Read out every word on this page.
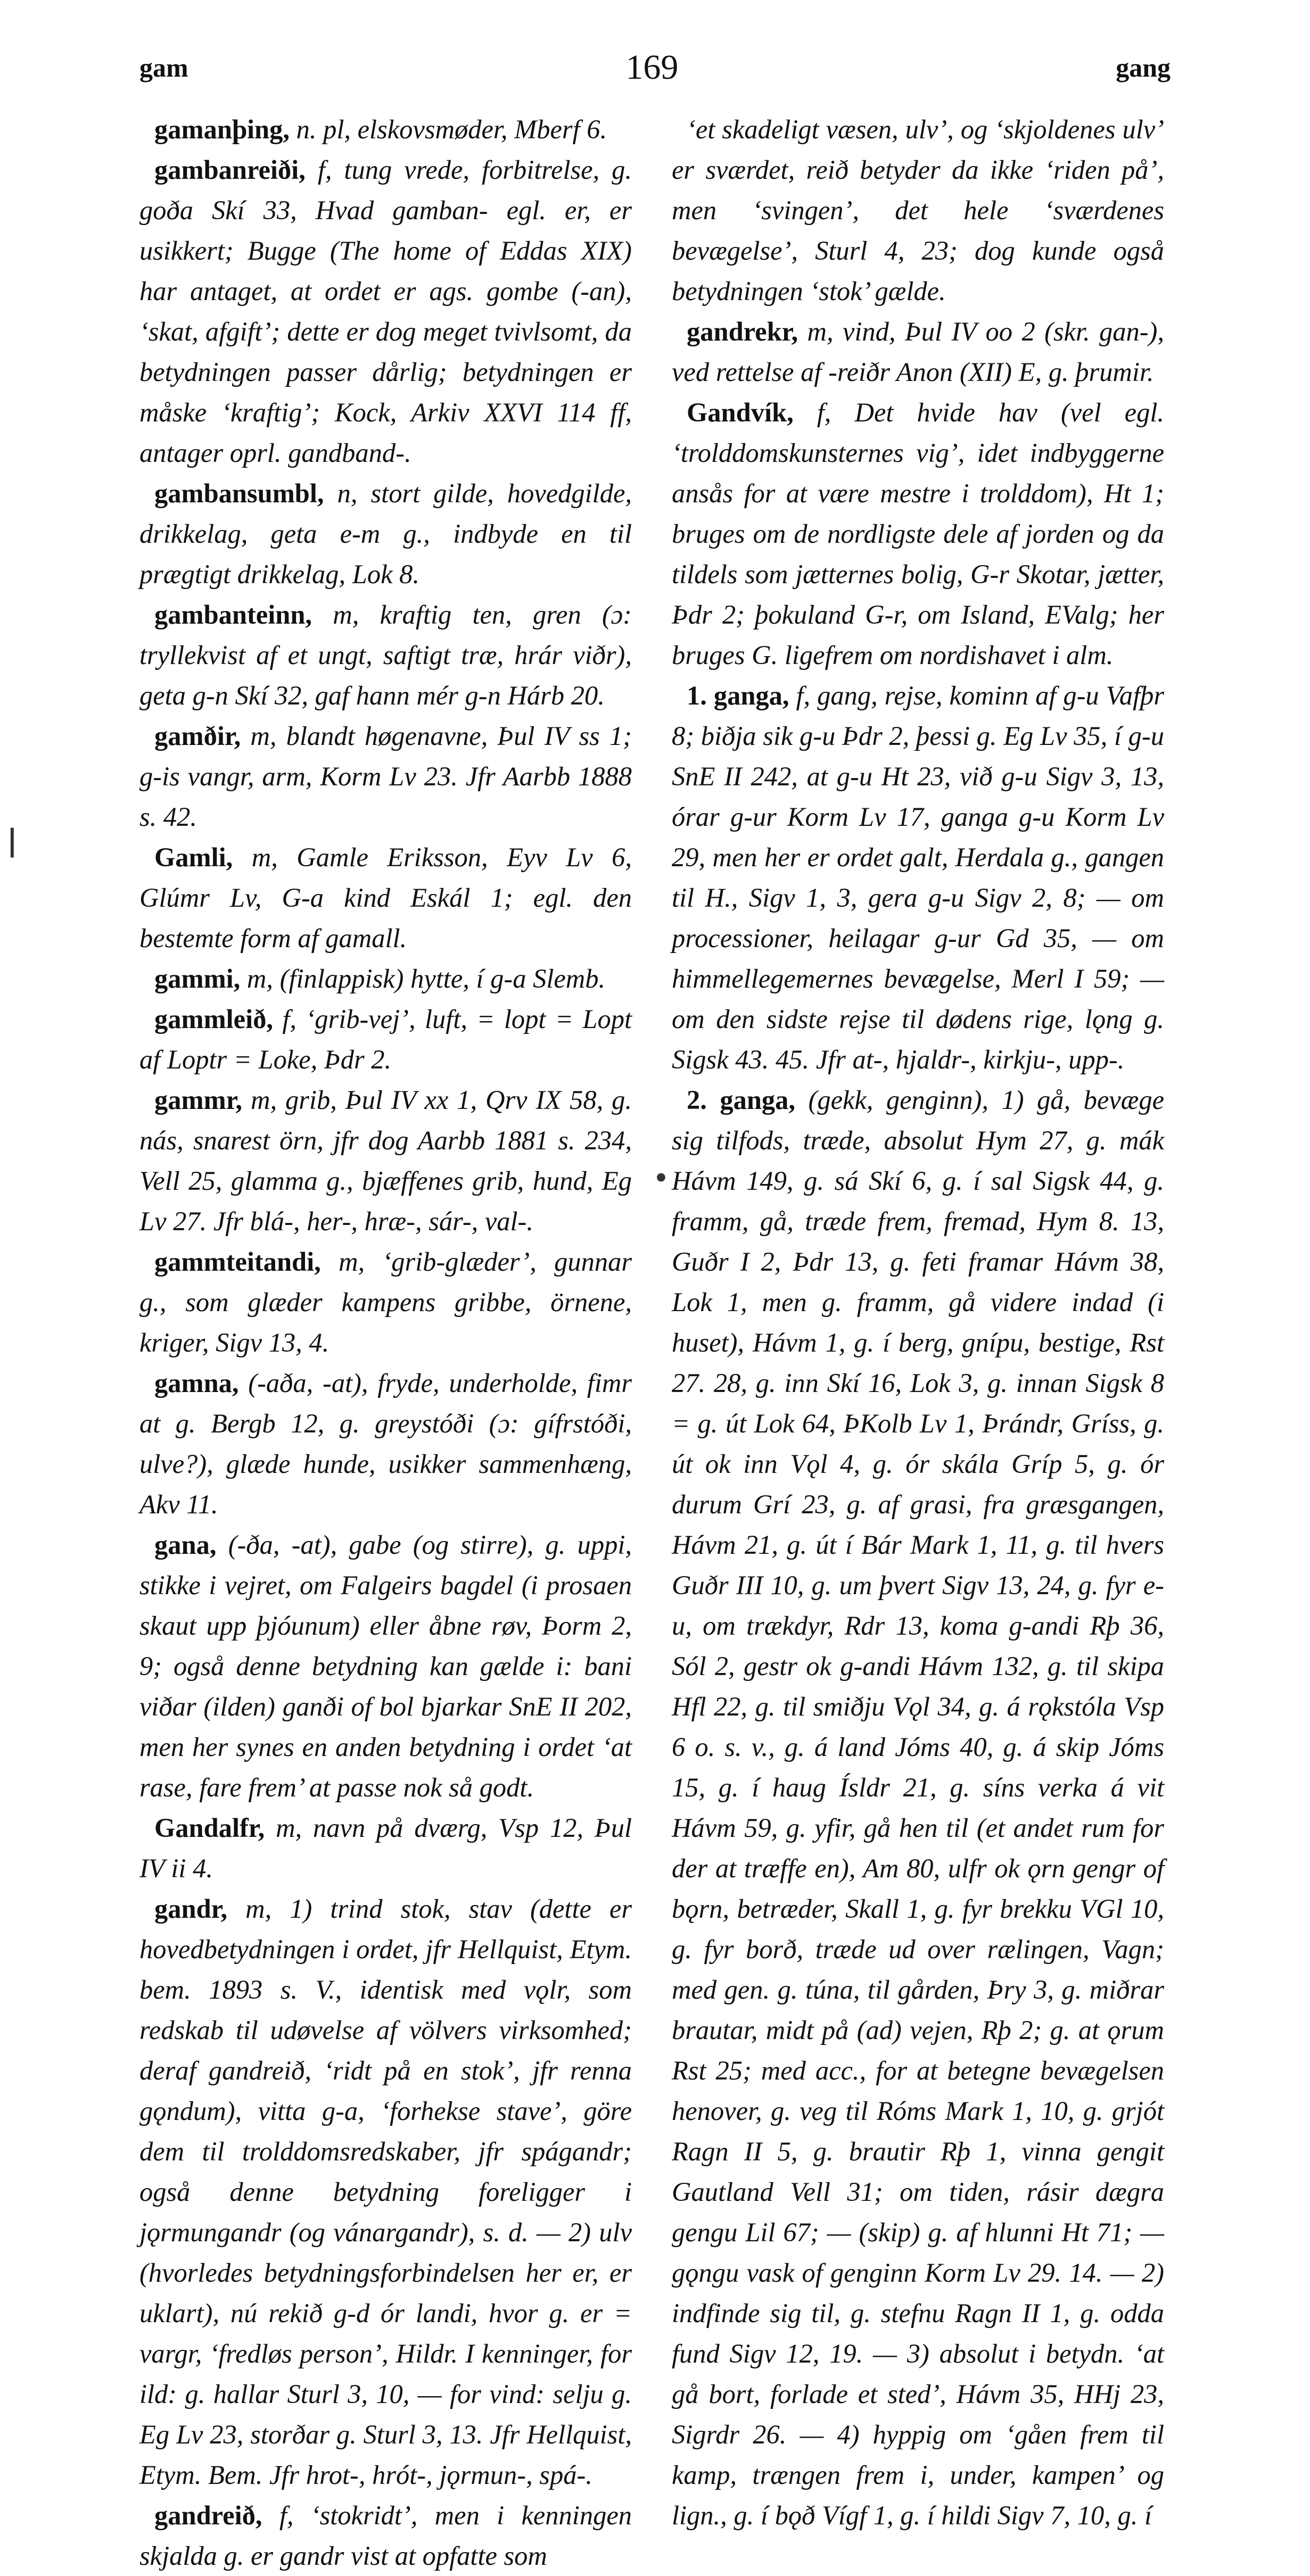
gam	169	gang
•
ǀ

gamanþing, n. pl, elskovsmøder, Mberf 6.

gambanreiði, f, tung vrede, forbitrelse, g. goða Skí 33, Hvad gamban- egl. er, er usikkert; Bugge (The home of Eddas XIX) har antaget, at ordet er ags. gombe (-an), ‘skat, afgift’; dette er dog meget tvivlsomt, da betydningen passer dårlig; betydningen er måske ‘kraftig’; Kock, Arkiv XXVI 114 ff, antager oprl. gandband-.

gambansumbl, n, stort gilde, hovedgilde, drikkelag, geta e-m g., indbyde en til prægtigt drikkelag, Lok 8.

gambanteinn, m, kraftig ten, gren (ɔ: tryllekvist af et ungt, saftigt træ, hrár viðr), geta g-n Skí 32, gaf hann mér g-n Hárb 20.

gamðir, m, blandt høgenavne, Þul IV ss 1; g-is vangr, arm, Korm Lv 23. Jfr Aarbb 1888 s. 42.

Gamli, m, Gamle Eriksson, Eyv Lv 6, Glúmr Lv, G-a kind Eskál 1; egl. den bestemte form af gamall.

gammi, m, (finlappisk) hytte, í g-a Slemb.

gammleið, f, ‘grib-vej’, luft, = lopt = Lopt af Loptr = Loke, Þdr 2.

gammr, m, grib, Þul IV xx 1, Qrv IX 58, g. nás, snarest örn, jfr dog Aarbb 1881 s. 234, Vell 25, glamma g., bjæffenes grib, hund, Eg Lv 27. Jfr blá-, her-, hræ-, sár-, val-.

gammteitandi, m, ‘grib-glæder’, gunnar g., som glæder kampens gribbe, örnene, kriger, Sigv 13, 4.

gamna, (-aða, -at), fryde, underholde, fimr at g. Bergb 12, g. greystóði (ɔ: gífrstóði, ulve?), glæde hunde, usikker sammenhæng, Akv 11.

gana, (-ða, -at), gabe (og stirre), g. uppi, stikke i vejret, om Falgeirs bagdel (i prosaen skaut upp þjóunum) eller åbne røv, Þorm 2, 9; også denne betydning kan gælde i: bani viðar (ilden) ganði of bol bjarkar SnE II 202, men her synes en anden betydning i ordet ‘at rase, fare frem’ at passe nok så godt.

Gandalfr, m, navn på dværg, Vsp 12, Þul IV ii 4.

gandr, m, 1) trind stok, stav (dette er hovedbetydningen i ordet, jfr Hellquist, Etym. bem. 1893 s. V., identisk med vǫlr, som redskab til udøvelse af völvers virksomhed; deraf gandreið, ‘ridt på en stok’, jfr renna gǫndum), vitta g-a, ‘forhekse stave’, göre dem til trolddomsredskaber, jfr spágandr; også denne betydning foreligger i jǫrmungandr (og vánargandr), s. d. — 2) ulv (hvorledes betydningsforbindelsen her er, er uklart), nú rekið g-d ór landi, hvor g. er = vargr, ‘fredløs person’, Hildr. I kenninger, for ild: g. hallar Sturl 3, 10, — for vind: selju g. Eg Lv 23, storðar g. Sturl 3, 13. Jfr Hellquist, Etym. Bem. Jfr hrot-, hrót-, jǫrmun-, spá-.

gandreið, f, ‘stokridt’, men i kenningen skjalda g. er gandr vist at opfatte som

‘et skadeligt væsen, ulv’, og ‘skjoldenes ulv’ er sværdet, reið betyder da ikke ‘riden på’, men ‘svingen’, det hele ‘sværdenes bevægelse’, Sturl 4, 23; dog kunde også betydningen ‘stok’ gælde.

gandrekr, m, vind, Þul IV oo 2 (skr. gan-), ved rettelse af -reiðr Anon (XII) E, g. þrumir.

Gandvík, f, Det hvide hav (vel egl. ‘trolddomskunsternes vig’, idet indbyggerne ansås for at være mestre i trolddom), Ht 1; bruges om de nordligste dele af jorden og da tildels som jætternes bolig, G-r Skotar, jætter, Þdr 2; þokuland G-r, om Island, EValg; her bruges G. ligefrem om nordishavet i alm.

1. ganga, f, gang, rejse, kominn af g-u Vafþr 8; biðja sik g-u Þdr 2, þessi g. Eg Lv 35, í g-u SnE II 242, at g-u Ht 23, við g-u Sigv 3, 13, órar g-ur Korm Lv 17, ganga g-u Korm Lv 29, men her er ordet galt, Herdala g., gangen til H., Sigv 1, 3, gera g-u Sigv 2, 8; — om processioner, heilagar g-ur Gd 35, — om himmellegemernes bevægelse, Merl I 59; — om den sidste rejse til dødens rige, lǫng g. Sigsk 43. 45. Jfr at-, hjaldr-, kirkju-, upp-.

2. ganga, (gekk, genginn), 1) gå, bevæge sig tilfods, træde, absolut Hym 27, g. mák Hávm 149, g. sá Skí 6, g. í sal Sigsk 44, g. framm, gå, træde frem, fremad, Hym 8. 13, Guðr I 2, Þdr 13, g. feti framar Hávm 38, Lok 1, men g. framm, gå videre indad (i huset), Hávm 1, g. í berg, gnípu, bestige, Rst 27. 28, g. inn Skí 16, Lok 3, g. innan Sigsk 8 = g. út Lok 64, ÞKolb Lv 1, Þrándr, Gríss, g. út ok inn Vǫl 4, g. ór skála Gríp 5, g. ór durum Grí 23, g. af grasi, fra græsgangen, Hávm 21, g. út í Bár Mark 1, 11, g. til hvers Guðr III 10, g. um þvert Sigv 13, 24, g. fyr e-u, om trækdyr, Rdr 13, koma g-andi Rþ 36, Sól 2, gestr ok g-andi Hávm 132, g. til skipa Hfl 22, g. til smiðju Vǫl 34, g. á rǫkstóla Vsp 6 o. s. v., g. á land Jóms 40, g. á skip Jóms 15, g. í haug Ísldr 21, g. síns verka á vit Hávm 59, g. yfir, gå hen til (et andet rum for der at træffe en), Am 80, ulfr ok ǫrn gengr of bǫrn, betræder, Skall 1, g. fyr brekku VGl 10, g. fyr borð, træde ud over rælingen, Vagn; med gen. g. túna, til gården, Þry 3, g. miðrar brautar, midt på (ad) vejen, Rþ 2; g. at ǫrum Rst 25; med acc., for at betegne bevægelsen henover, g. veg til Róms Mark 1, 10, g. grjót Ragn II 5, g. brautir Rþ 1, vinna gengit Gautland Vell 31; om tiden, rásir dægra gengu Lil 67; — (skip) g. af hlunni Ht 71; — gǫngu vask of genginn Korm Lv 29. 14. — 2) indfinde sig til, g. stefnu Ragn II 1, g. odda fund Sigv 12, 19. — 3) absolut i betydn. ‘at gå bort, forlade et sted’, Hávm 35, HHj 23, Sigrdr 26. — 4) hyppig om ‘gåen frem til kamp, trængen frem i, under, kampen’ og lign., g. í bǫð Vígf 1, g. í hildi Sigv 7, 10, g. í
